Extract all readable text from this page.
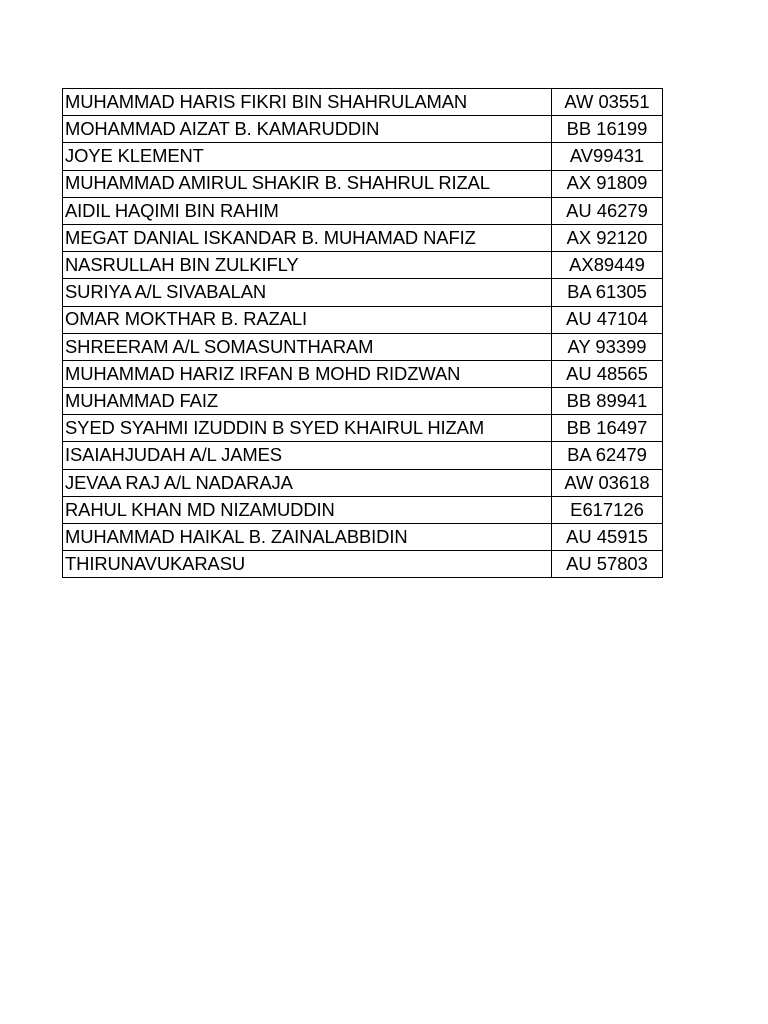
MUHAMMAD HARIS FIKRI BIN SHAHRULAMAN	AW 03551
MOHAMMAD AIZAT B. KAMARUDDIN	BB 16199
JOYE KLEMENT	AV99431
MUHAMMAD AMIRUL SHAKIR B. SHAHRUL RIZAL	AX 91809
AIDIL HAQIMI BIN RAHIM	AU 46279
MEGAT DANIAL ISKANDAR B. MUHAMAD NAFIZ	AX 92120
NASRULLAH BIN ZULKIFLY	AX89449
SURIYA A/L SIVABALAN	BA 61305
OMAR MOKTHAR B. RAZALI	AU 47104
SHREERAM A/L SOMASUNTHARAM	AY 93399
MUHAMMAD HARIZ IRFAN B MOHD RIDZWAN	AU 48565
MUHAMMAD FAIZ	BB 89941
SYED SYAHMI IZUDDIN B SYED KHAIRUL HIZAM	BB 16497
ISAIAHJUDAH A/L JAMES	BA 62479
JEVAA RAJ A/L NADARAJA	AW 03618
RAHUL KHAN MD NIZAMUDDIN	E617126
MUHAMMAD HAIKAL B. ZAINALABBIDIN	AU 45915
THIRUNAVUKARASU	AU 57803
